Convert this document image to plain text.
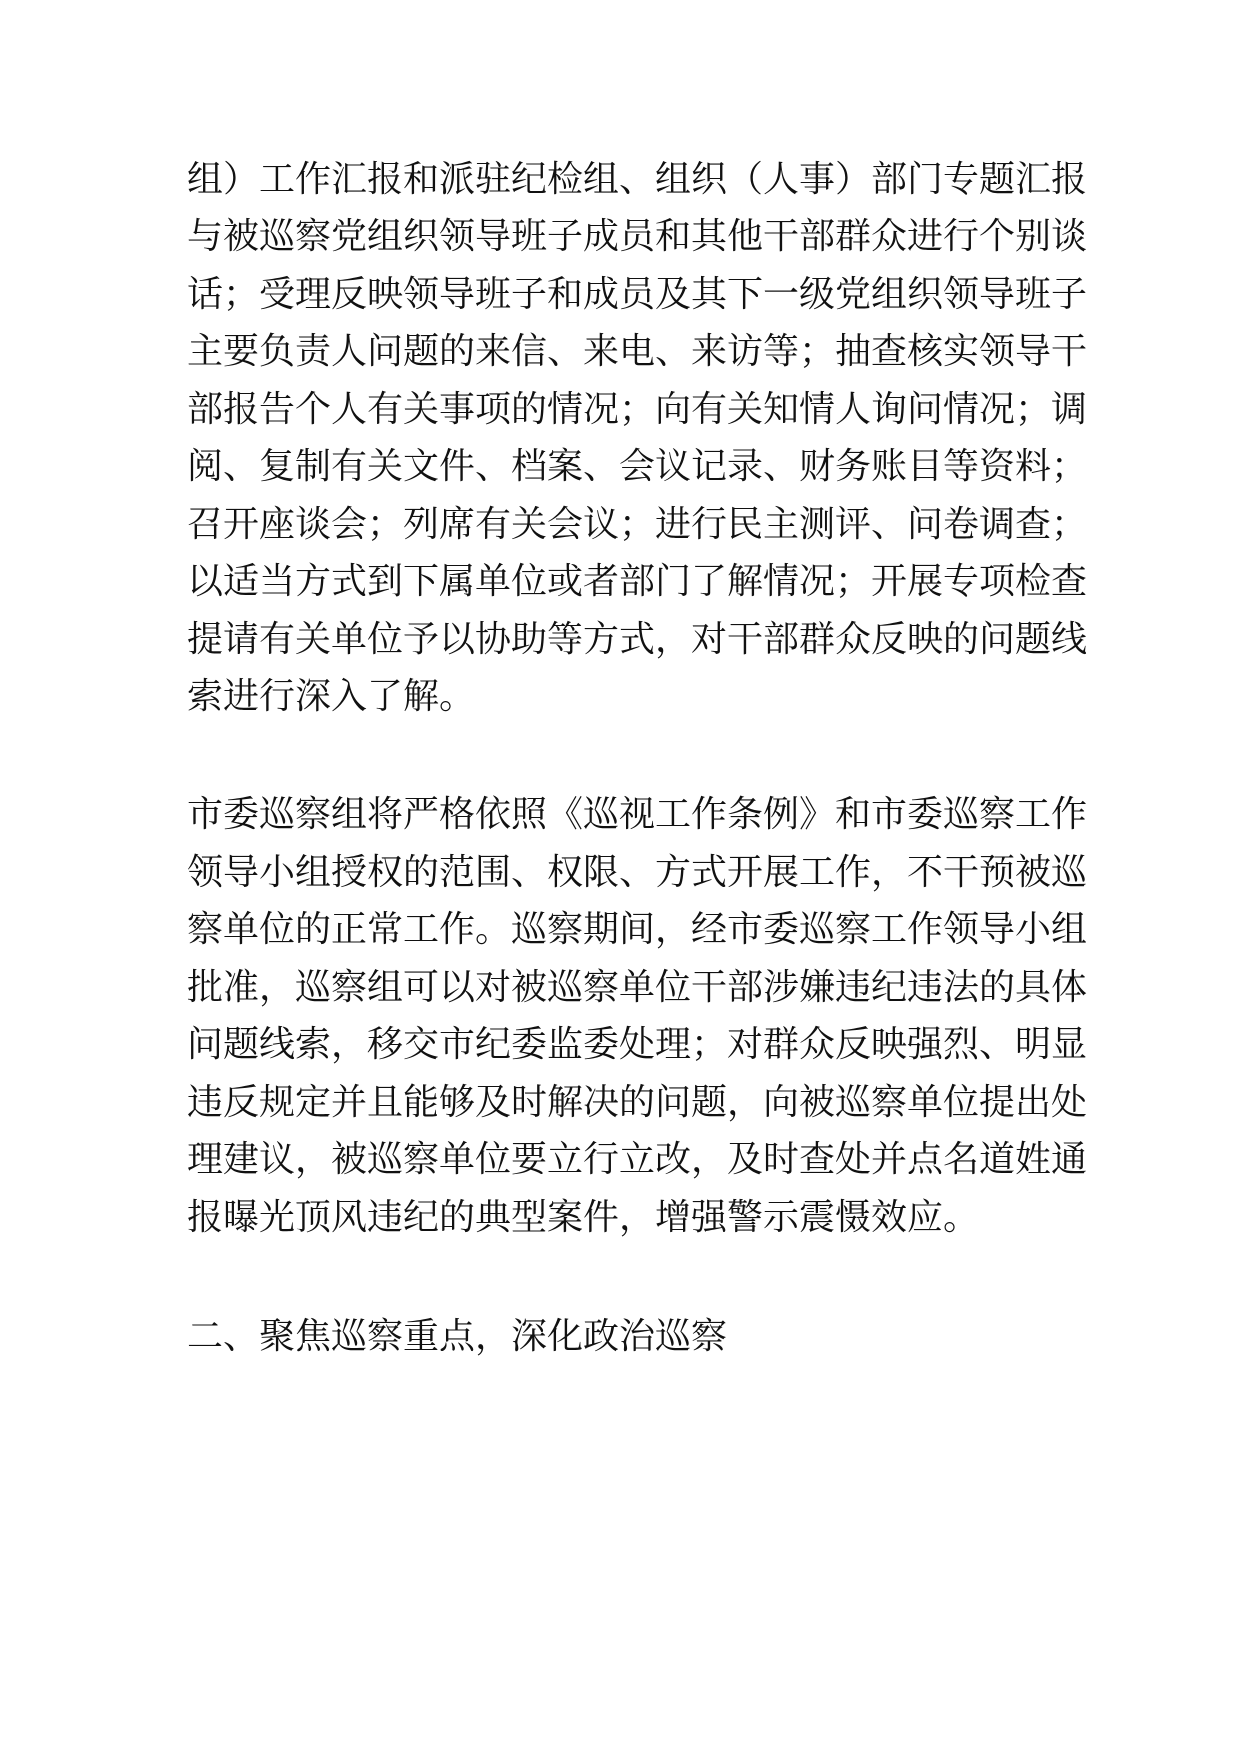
组）工作汇报和派驻纪检组、组织（人事）部门专题汇报
与被巡察党组织领导班子成员和其他干部群众进行个别谈
话；受理反映领导班子和成员及其下一级党组织领导班子
主要负责人问题的来信、来电、来访等；抽查核实领导干
部报告个人有关事项的情况；向有关知情人询问情况；调
阅、复制有关文件、档案、会议记录、财务账目等资料；
召开座谈会；列席有关会议；进行民主测评、问卷调查；
以适当方式到下属单位或者部门了解情况；开展专项检查
提请有关单位予以协助等方式，对干部群众反映的问题线
索进行深入了解。
市委巡察组将严格依照《巡视工作条例》和市委巡察工作
领导小组授权的范围、权限、方式开展工作，不干预被巡
察单位的正常工作。巡察期间，经市委巡察工作领导小组
批准，巡察组可以对被巡察单位干部涉嫌违纪违法的具体
问题线索，移交市纪委监委处理；对群众反映强烈、明显
违反规定并且能够及时解决的问题，向被巡察单位提出处
理建议，被巡察单位要立行立改，及时查处并点名道姓通
报曝光顶风违纪的典型案件，增强警示震慑效应。
二、聚焦巡察重点，深化政治巡察
